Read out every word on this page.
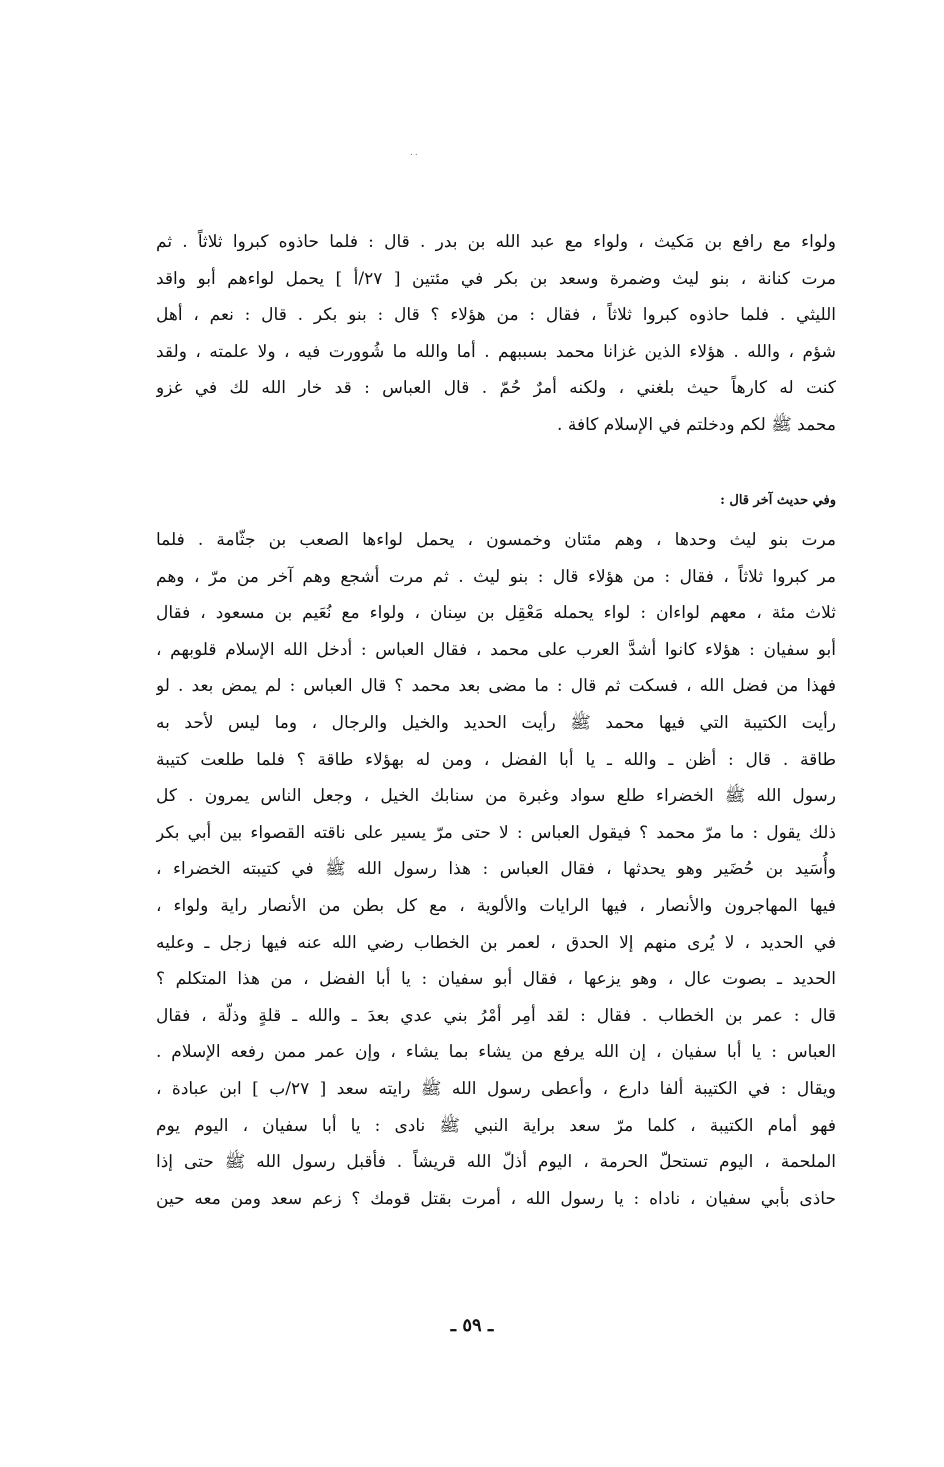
..
ولواء مع رافع بن مَكيث ، ولواء مع عبد الله بن بدر . قال : فلما حاذوه كبروا ثلاثاً . ثم
مرت كنانة ، بنو ليث وضمرة وسعد بن بكر في مئتين [ ٢٧/أ ] يحمل لواءهم أبو واقد
الليثي . فلما حاذوه كبروا ثلاثاً ، فقال : من هؤلاء ؟ قال : بنو بكر . قال : نعم ، أهل
شؤم ، والله . هؤلاء الذين غزانا محمد بسببهم . أما والله ما شُوورت فيه ، ولا علمته ، ولقد
كنت له كارهاً حيث بلغني ، ولكنه أمرٌ حُمّ . قال العباس : قد خار الله لك في غزو
محمد ﷺ لكم ودخلتم في الإسلام كافة .
وفي حديث آخر قال :
مرت بنو ليث وحدها ، وهم مئتان وخمسون ، يحمل لواءها الصعب بن جثّامة . فلما
مر كبروا ثلاثاً ، فقال : من هؤلاء قال : بنو ليث . ثم مرت أشجع وهم آخر من مرّ ، وهم
ثلاث مئة ، معهم لواءان : لواء يحمله مَعْقِل بن سِنان ، ولواء مع نُعَيم بن مسعود ، فقال
أبو سفيان : هؤلاء كانوا أشدَّ العرب على محمد ، فقال العباس : أدخل الله الإسلام قلوبهم ،
فهذا من فضل الله ، فسكت ثم قال : ما مضى بعد محمد ؟ قال العباس : لم يمض بعد . لو
رأيت الكتيبة التي فيها محمد ﷺ رأيت الحديد والخيل والرجال ، وما ليس لأحد به
طاقة . قال : أظن ـ والله ـ يا أبا الفضل ، ومن له بهؤلاء طاقة ؟ فلما طلعت كتيبة
رسول الله ﷺ الخضراء طلع سواد وغبرة من سنابك الخيل ، وجعل الناس يمرون . كل
ذلك يقول : ما مرّ محمد ؟ فيقول العباس : لا حتى مرّ يسير على ناقته القصواء بين أبي بكر
وأُسَيد بن حُضَير وهو يحدثها ، فقال العباس : هذا رسول الله ﷺ في كتيبته الخضراء ،
فيها المهاجرون والأنصار ، فيها الرايات والألوية ، مع كل بطن من الأنصار راية ولواء ،
في الحديد ، لا يُرى منهم إلا الحدق ، لعمر بن الخطاب رضي الله عنه فيها زجل ـ وعليه
الحديد ـ بصوت عال ، وهو يزعها ، فقال أبو سفيان : يا أبا الفضل ، من هذا المتكلم ؟
قال : عمر بن الخطاب . فقال : لقد أمِر أمْرُ بني عدي بعدَ ـ والله ـ قلةٍ وذلّة ، فقال
العباس : يا أبا سفيان ، إن الله يرفع من يشاء بما يشاء ، وإن عمر ممن رفعه الإسلام .
ويقال : في الكتيبة ألفا دارع ، وأعطى رسول الله ﷺ رايته سعد [ ٢٧/ب ] ابن عبادة ،
فهو أمام الكتيبة ، كلما مرّ سعد براية النبي ﷺ نادى : يا أبا سفيان ، اليوم يوم
الملحمة ، اليوم تستحلّ الحرمة ، اليوم أذلّ الله قريشاً . فأقبل رسول الله ﷺ حتى إذا
حاذى بأبي سفيان ، ناداه : يا رسول الله ، أمرت بقتل قومك ؟ زعم سعد ومن معه حين
ـ ٥٩ ـ
